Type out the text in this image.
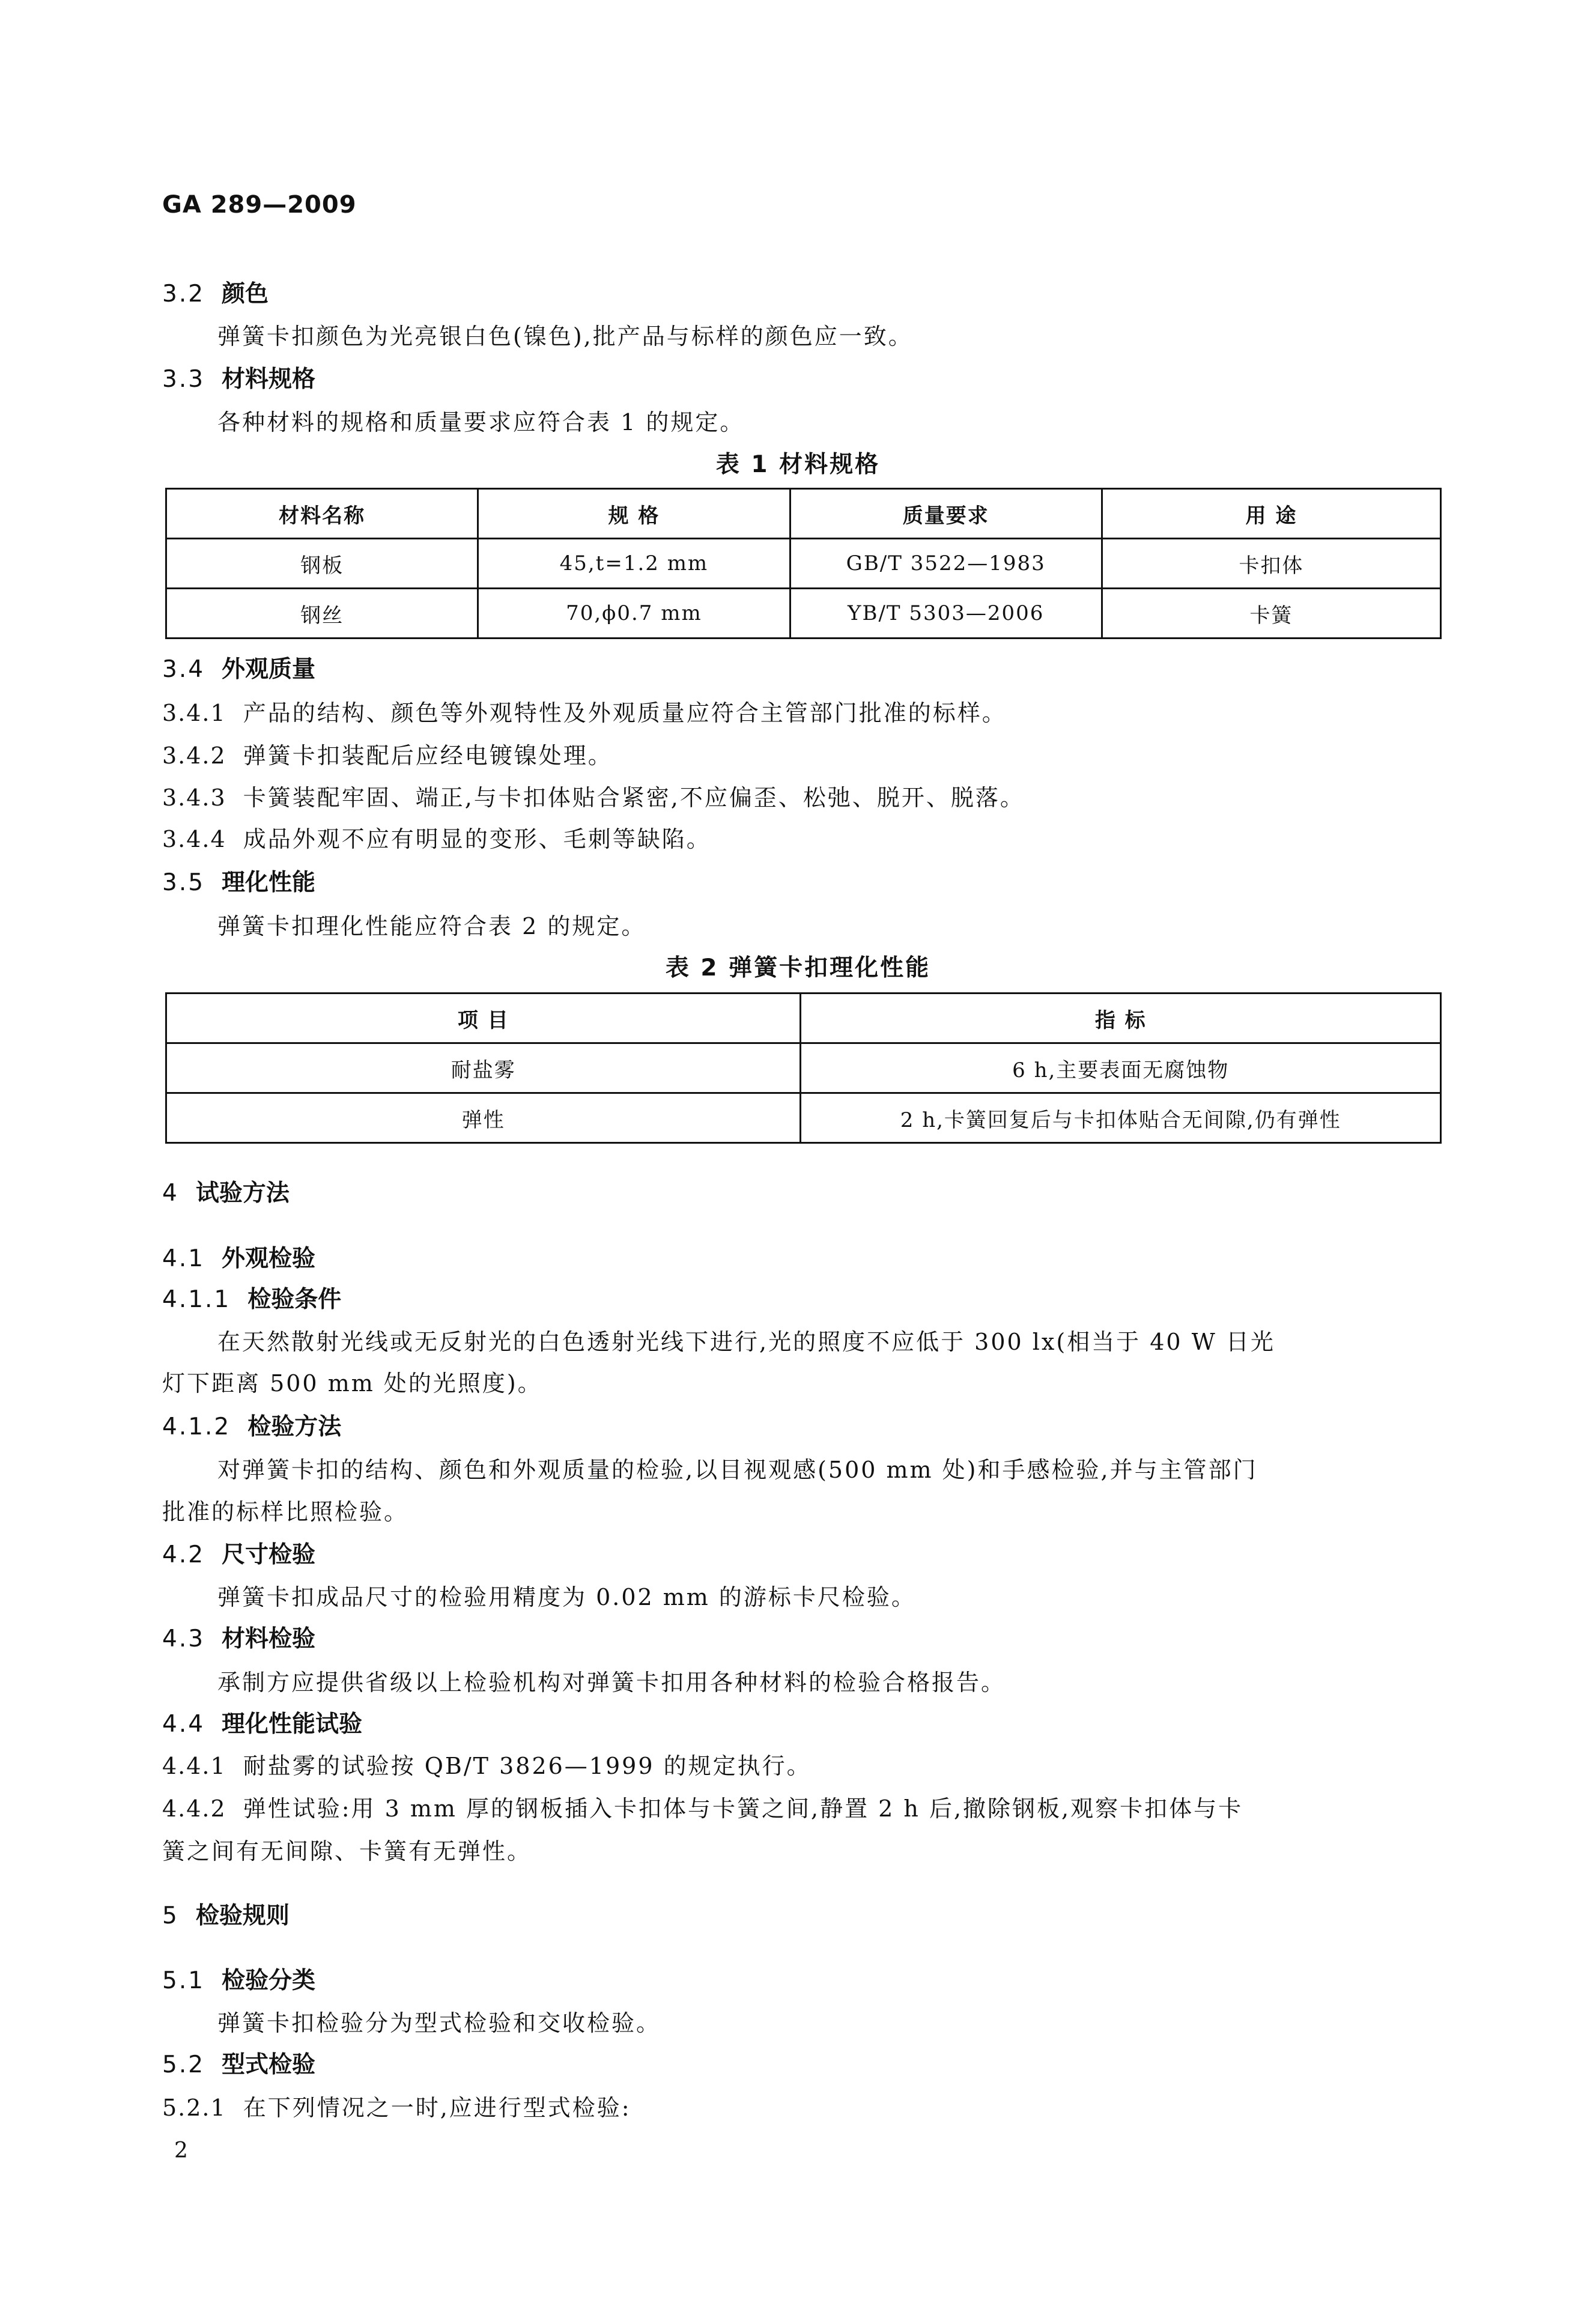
GA 289—2009
3.2 颜色
弹簧卡扣颜色为光亮银白色(镍色),批产品与标样的颜色应一致。
3.3 材料规格
各种材料的规格和质量要求应符合表 1 的规定。
表 1 材料规格
材料名称	规 格	质量要求	用 途
钢板	45,t=1.2 mm	GB/T 3522—1983	卡扣体
钢丝	70,ϕ0.7 mm	YB/T 5303—2006	卡簧
3.4 外观质量
3.4.1 产品的结构、颜色等外观特性及外观质量应符合主管部门批准的标样。
3.4.2 弹簧卡扣装配后应经电镀镍处理。
3.4.3 卡簧装配牢固、端正,与卡扣体贴合紧密,不应偏歪、松弛、脱开、脱落。
3.4.4 成品外观不应有明显的变形、毛刺等缺陷。
3.5 理化性能
弹簧卡扣理化性能应符合表 2 的规定。
表 2 弹簧卡扣理化性能
项 目	指 标
耐盐雾	6 h,主要表面无腐蚀物
弹性	2 h,卡簧回复后与卡扣体贴合无间隙,仍有弹性
4 试验方法
4.1 外观检验
4.1.1 检验条件
在天然散射光线或无反射光的白色透射光线下进行,光的照度不应低于 300 lx(相当于 40 W 日光
灯下距离 500 mm 处的光照度)。
4.1.2 检验方法
对弹簧卡扣的结构、颜色和外观质量的检验,以目视观感(500 mm 处)和手感检验,并与主管部门
批准的标样比照检验。
4.2 尺寸检验
弹簧卡扣成品尺寸的检验用精度为 0.02 mm 的游标卡尺检验。
4.3 材料检验
承制方应提供省级以上检验机构对弹簧卡扣用各种材料的检验合格报告。
4.4 理化性能试验
4.4.1 耐盐雾的试验按 QB/T 3826—1999 的规定执行。
4.4.2 弹性试验:用 3 mm 厚的钢板插入卡扣体与卡簧之间,静置 2 h 后,撤除钢板,观察卡扣体与卡
簧之间有无间隙、卡簧有无弹性。
5 检验规则
5.1 检验分类
弹簧卡扣检验分为型式检验和交收检验。
5.2 型式检验
5.2.1 在下列情况之一时,应进行型式检验:
2
